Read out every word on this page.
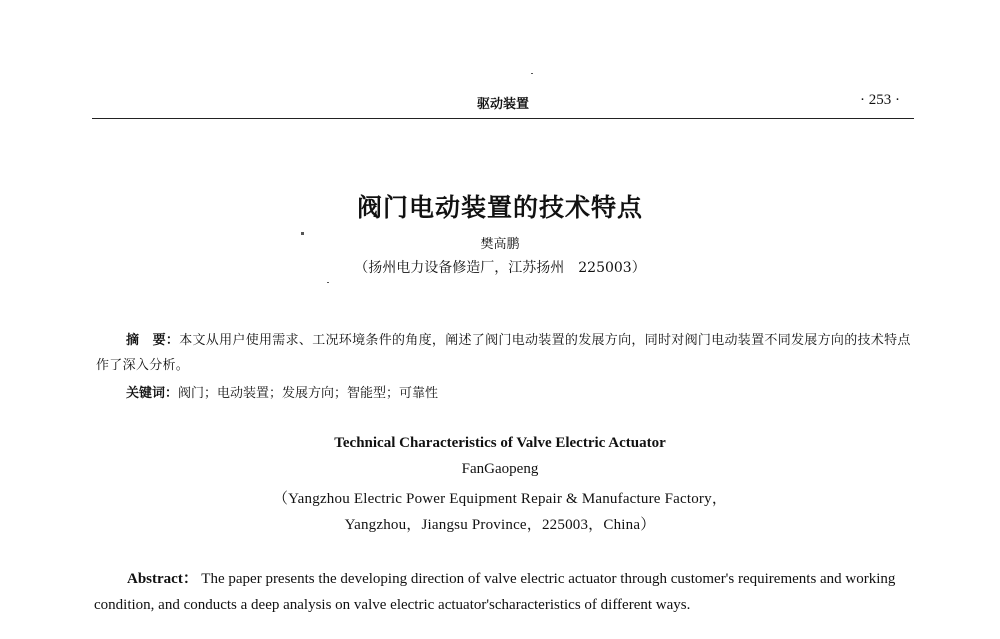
驱动装置	· 253 ·
阀门电动装置的技术特点
樊高鹏
（扬州电力设备修造厂，江苏扬州　225003）
摘　要：本文从用户使用需求、工况环境条件的角度，阐述了阀门电动装置的发展方向，同时对阀门电动装置不同发展方向的技术特点作了深入分析。
关键词：阀门；电动装置；发展方向；智能型；可靠性
Technical Characteristics of Valve Electric Actuator
FanGaopeng
（Yangzhou Electric Power Equipment Repair & Manufacture Factory，
Yangzhou，Jiangsu Province，225003，China）
Abstract： The paper presents the developing direction of valve electric actuator through customer's requirements and working condition, and conducts a deep analysis on valve electric actuator'scharacteristics of different ways.
